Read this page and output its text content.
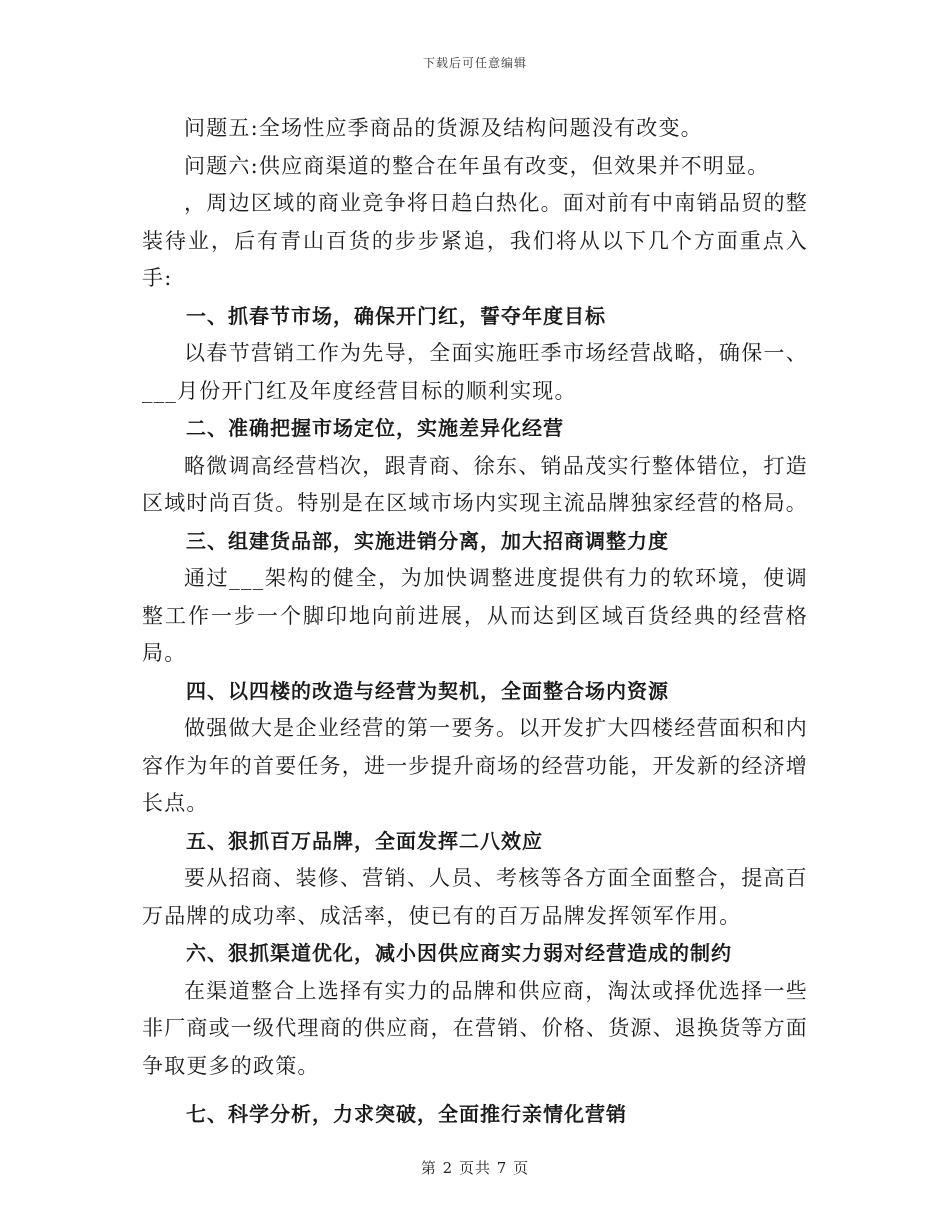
下载后可任意编辑

问题五:全场性应季商品的货源及结构问题没有改变。

问题六:供应商渠道的整合在年虽有改变，但效果并不明显。

，周边区域的商业竞争将日趋白热化。面对前有中南销品贸的整装待业，后有青山百货的步步紧追，我们将从以下几个方面重点入手:

一、抓春节市场，确保开门红，誓夺年度目标

以春节营销工作为先导，全面实施旺季市场经营战略，确保一、___月份开门红及年度经营目标的顺利实现。

二、准确把握市场定位，实施差异化经营

略微调高经营档次，跟青商、徐东、销品茂实行整体错位，打造区域时尚百货。特别是在区域市场内实现主流品牌独家经营的格局。

三、组建货品部，实施进销分离，加大招商调整力度

通过___架构的健全，为加快调整进度提供有力的软环境，使调整工作一步一个脚印地向前进展，从而达到区域百货经典的经营格局。

四、以四楼的改造与经营为契机，全面整合场内资源

做强做大是企业经营的第一要务。以开发扩大四楼经营面积和内容作为年的首要任务，进一步提升商场的经营功能，开发新的经济增长点。

五、狠抓百万品牌，全面发挥二八效应

要从招商、装修、营销、人员、考核等各方面全面整合，提高百万品牌的成功率、成活率，使已有的百万品牌发挥领军作用。

六、狠抓渠道优化，减小因供应商实力弱对经营造成的制约

在渠道整合上选择有实力的品牌和供应商，淘汰或择优选择一些非厂商或一级代理商的供应商，在营销、价格、货源、退换货等方面争取更多的政策。

七、科学分析，力求突破，全面推行亲情化营销

第 2 页共 7 页
